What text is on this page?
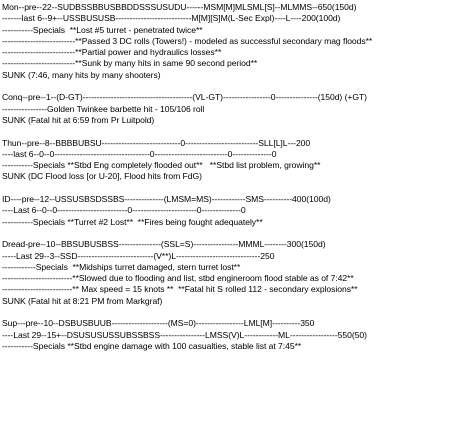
Mon--pre--22--SUDBSSBBUSBBDDSSSUSUDU------MSM[M]MLSML[S]--MLMMS--650(150d)
-------last 6--9+--USSBUSUSB---------------------------M[M][S]M(L-Sec Expl)----L----200(100d)
-----------Specials  **Lost #5 turret - penetrated twice**
--------------------------**Passed 3 DC rolls (Towers!) - modeled as successful secondary mag floods**
--------------------------**Partial power and hydraulics losses**
--------------------------**Sunk by many hits in same 90 second period**
SUNK (7:46, many hits by many shooters)
Conq--pre--1--(D-GT)---------------------------------------(VL-GT)-----------------0---------------(150d) (+GT)
----------------Golden Twinkee barbette hit - 105/106 roll
SUNK (Fatal hit at 6:59 from Pr Luitpold)
Thun--pre--8--BBBBUBSU----------------------------0--------------------------SLL[L]L---200
----last 6--0--0----------------------------------0--------------------------0--------------0
-----------Specials **Stbd Eng completely flooded out**   **Stbd list problem, growing**
SUNK (DC Flood loss [or U-20], Flood hits from FdG)
ID----pre--12--USSUSBSDSSBS--------------(LMSM=MS)------------SMS----------400(100d)
----Last 6--0--0-------------------------0-----------------------0--------------0
-----------Specials **Turret #2 Lost**  **Fires being fought adequately**
Dread-pre--10--BBSUBUSBSS---------------(SSL=S)----------------MMML--------300(150d)
-----Last 29--3--SSD---------------------------(V**)L------------------------------250
------------Specials  **Midships turret damaged, stern turret lost**
-------------------------**Slowed due to flooding and list, stbd engineroom flood stable as of 7:42**
-------------------------** Max speed = 15 knots **  **Fatal hit S rolled 112 - secondary explosions**
SUNK (Fatal hit at 8:21 PM from Markgraf)
Sup---pre--10--DSBUSBUUB--------------------(MS=0)-----------------LML[M]----------350
----Last 29--15+--DSUSUSUSSUBSSBSS----------------LMSS(V)L------------ML-----------------550(50)
-----------Specials **Stbd engine damage with 100 casualties, stable list at 7:45**
